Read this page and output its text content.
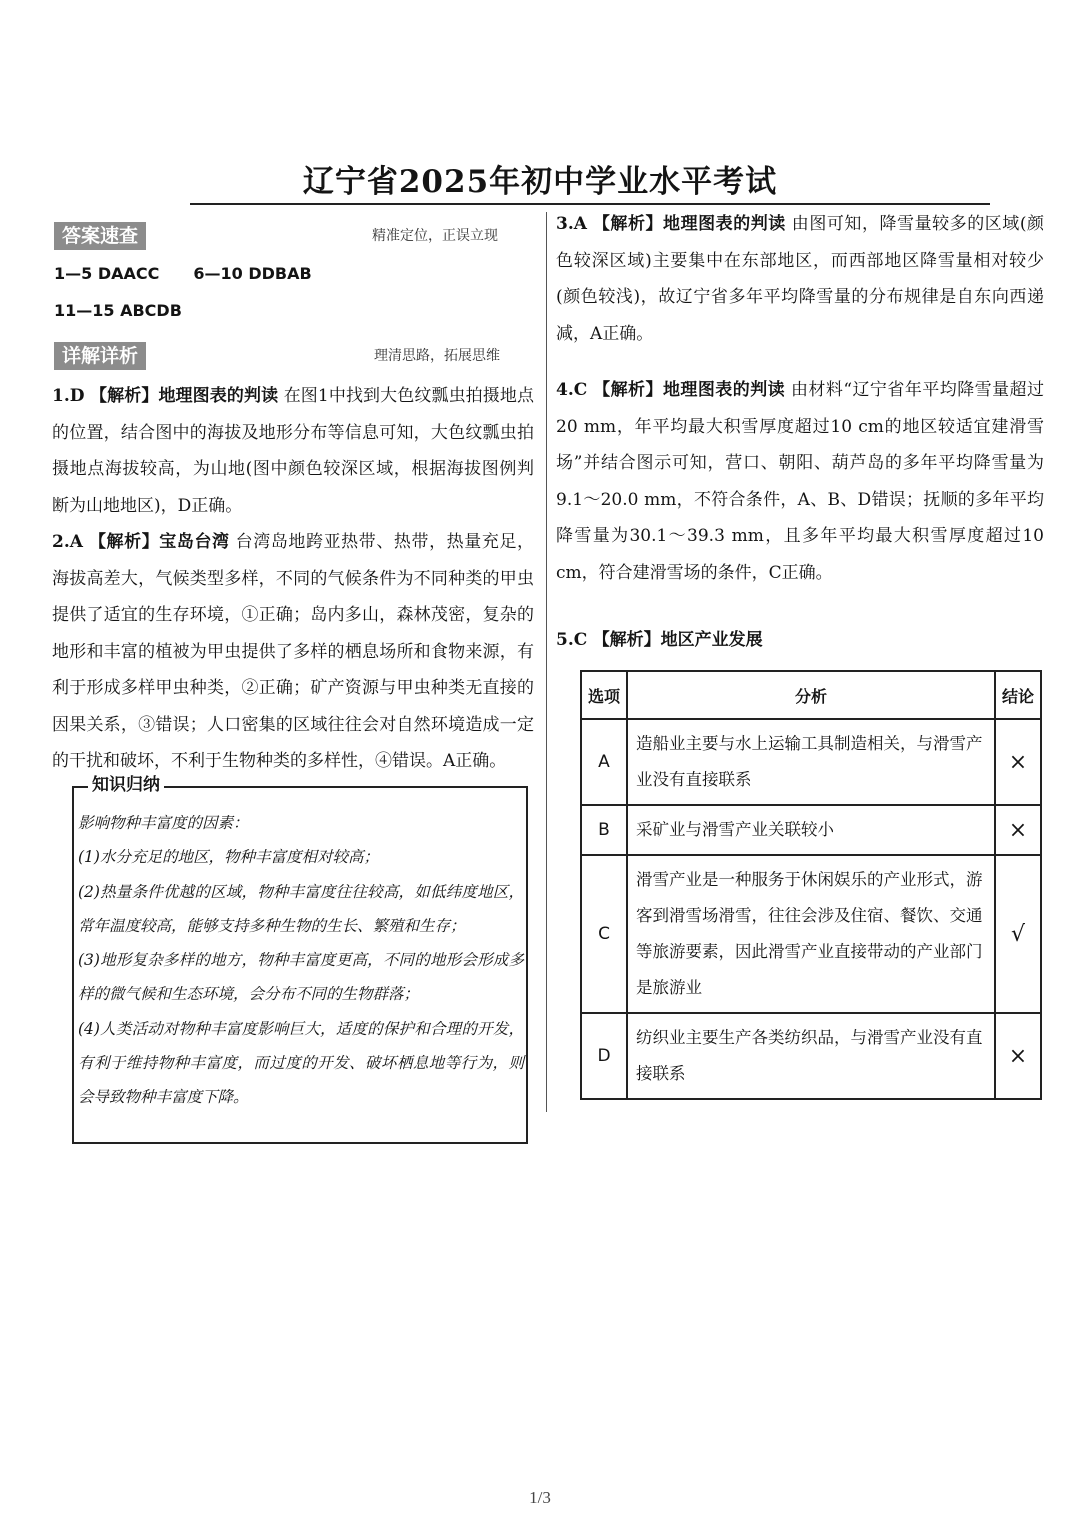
辽宁省2025年初中学业水平考试
答案速查	精准定位，正误立现
1—5 DAACC 6—10 DDBAB
11—15 ABCDB
详解详析	理清思路，拓展思维
1.D 【解析】地理图表的判读 在图1中找到大色纹瓢虫拍摄地点的位置，结合图中的海拔及地形分布等信息可知，大色纹瓢虫拍摄地点海拔较高，为山地(图中颜色较深区域，根据海拔图例判断为山地地区)，D正确。
2.A 【解析】宝岛台湾 台湾岛地跨亚热带、热带，热量充足，海拔高差大，气候类型多样，不同的气候条件为不同种类的甲虫提供了适宜的生存环境，①正确；岛内多山，森林茂密，复杂的地形和丰富的植被为甲虫提供了多样的栖息场所和食物来源，有利于形成多样甲虫种类，②正确；矿产资源与甲虫种类无直接的因果关系，③错误；人口密集的区域往往会对自然环境造成一定的干扰和破坏，不利于生物种类的多样性，④错误。A正确。
知识归纳

影响物种丰富度的因素：

(1)水分充足的地区，物种丰富度相对较高；

(2)热量条件优越的区域，物种丰富度往往较高，如低纬度地区，常年温度较高，能够支持多种生物的生长、繁殖和生存；

(3)地形复杂多样的地方，物种丰富度更高，不同的地形会形成多样的微气候和生态环境，会分布不同的生物群落；

(4)人类活动对物种丰富度影响巨大，适度的保护和合理的开发，有利于维持物种丰富度，而过度的开发、破坏栖息地等行为，则会导致物种丰富度下降。

3.A 【解析】地理图表的判读 由图可知，降雪量较多的区域(颜色较深区域)主要集中在东部地区，而西部地区降雪量相对较少(颜色较浅)，故辽宁省多年平均降雪量的分布规律是自东向西递减，A正确。
4.C 【解析】地理图表的判读 由材料“辽宁省年平均降雪量超过20 mm，年平均最大积雪厚度超过10 cm的地区较适宜建滑雪场”并结合图示可知，营口、朝阳、葫芦岛的多年平均降雪量为9.1～20.0 mm，不符合条件，A、B、D错误；抚顺的多年平均降雪量为30.1～39.3 mm，且多年平均最大积雪厚度超过10 cm，符合建滑雪场的条件，C正确。
5.C 【解析】地区产业发展
选项	分析	结论
A	造船业主要与水上运输工具制造相关，与滑雪产业没有直接联系	×
B	采矿业与滑雪产业关联较小	×
C	滑雪产业是一种服务于休闲娱乐的产业形式，游客到滑雪场滑雪，往往会涉及住宿、餐饮、交通等旅游要素，因此滑雪产业直接带动的产业部门是旅游业	√
D	纺织业主要生产各类纺织品，与滑雪产业没有直接联系	×
1/3
